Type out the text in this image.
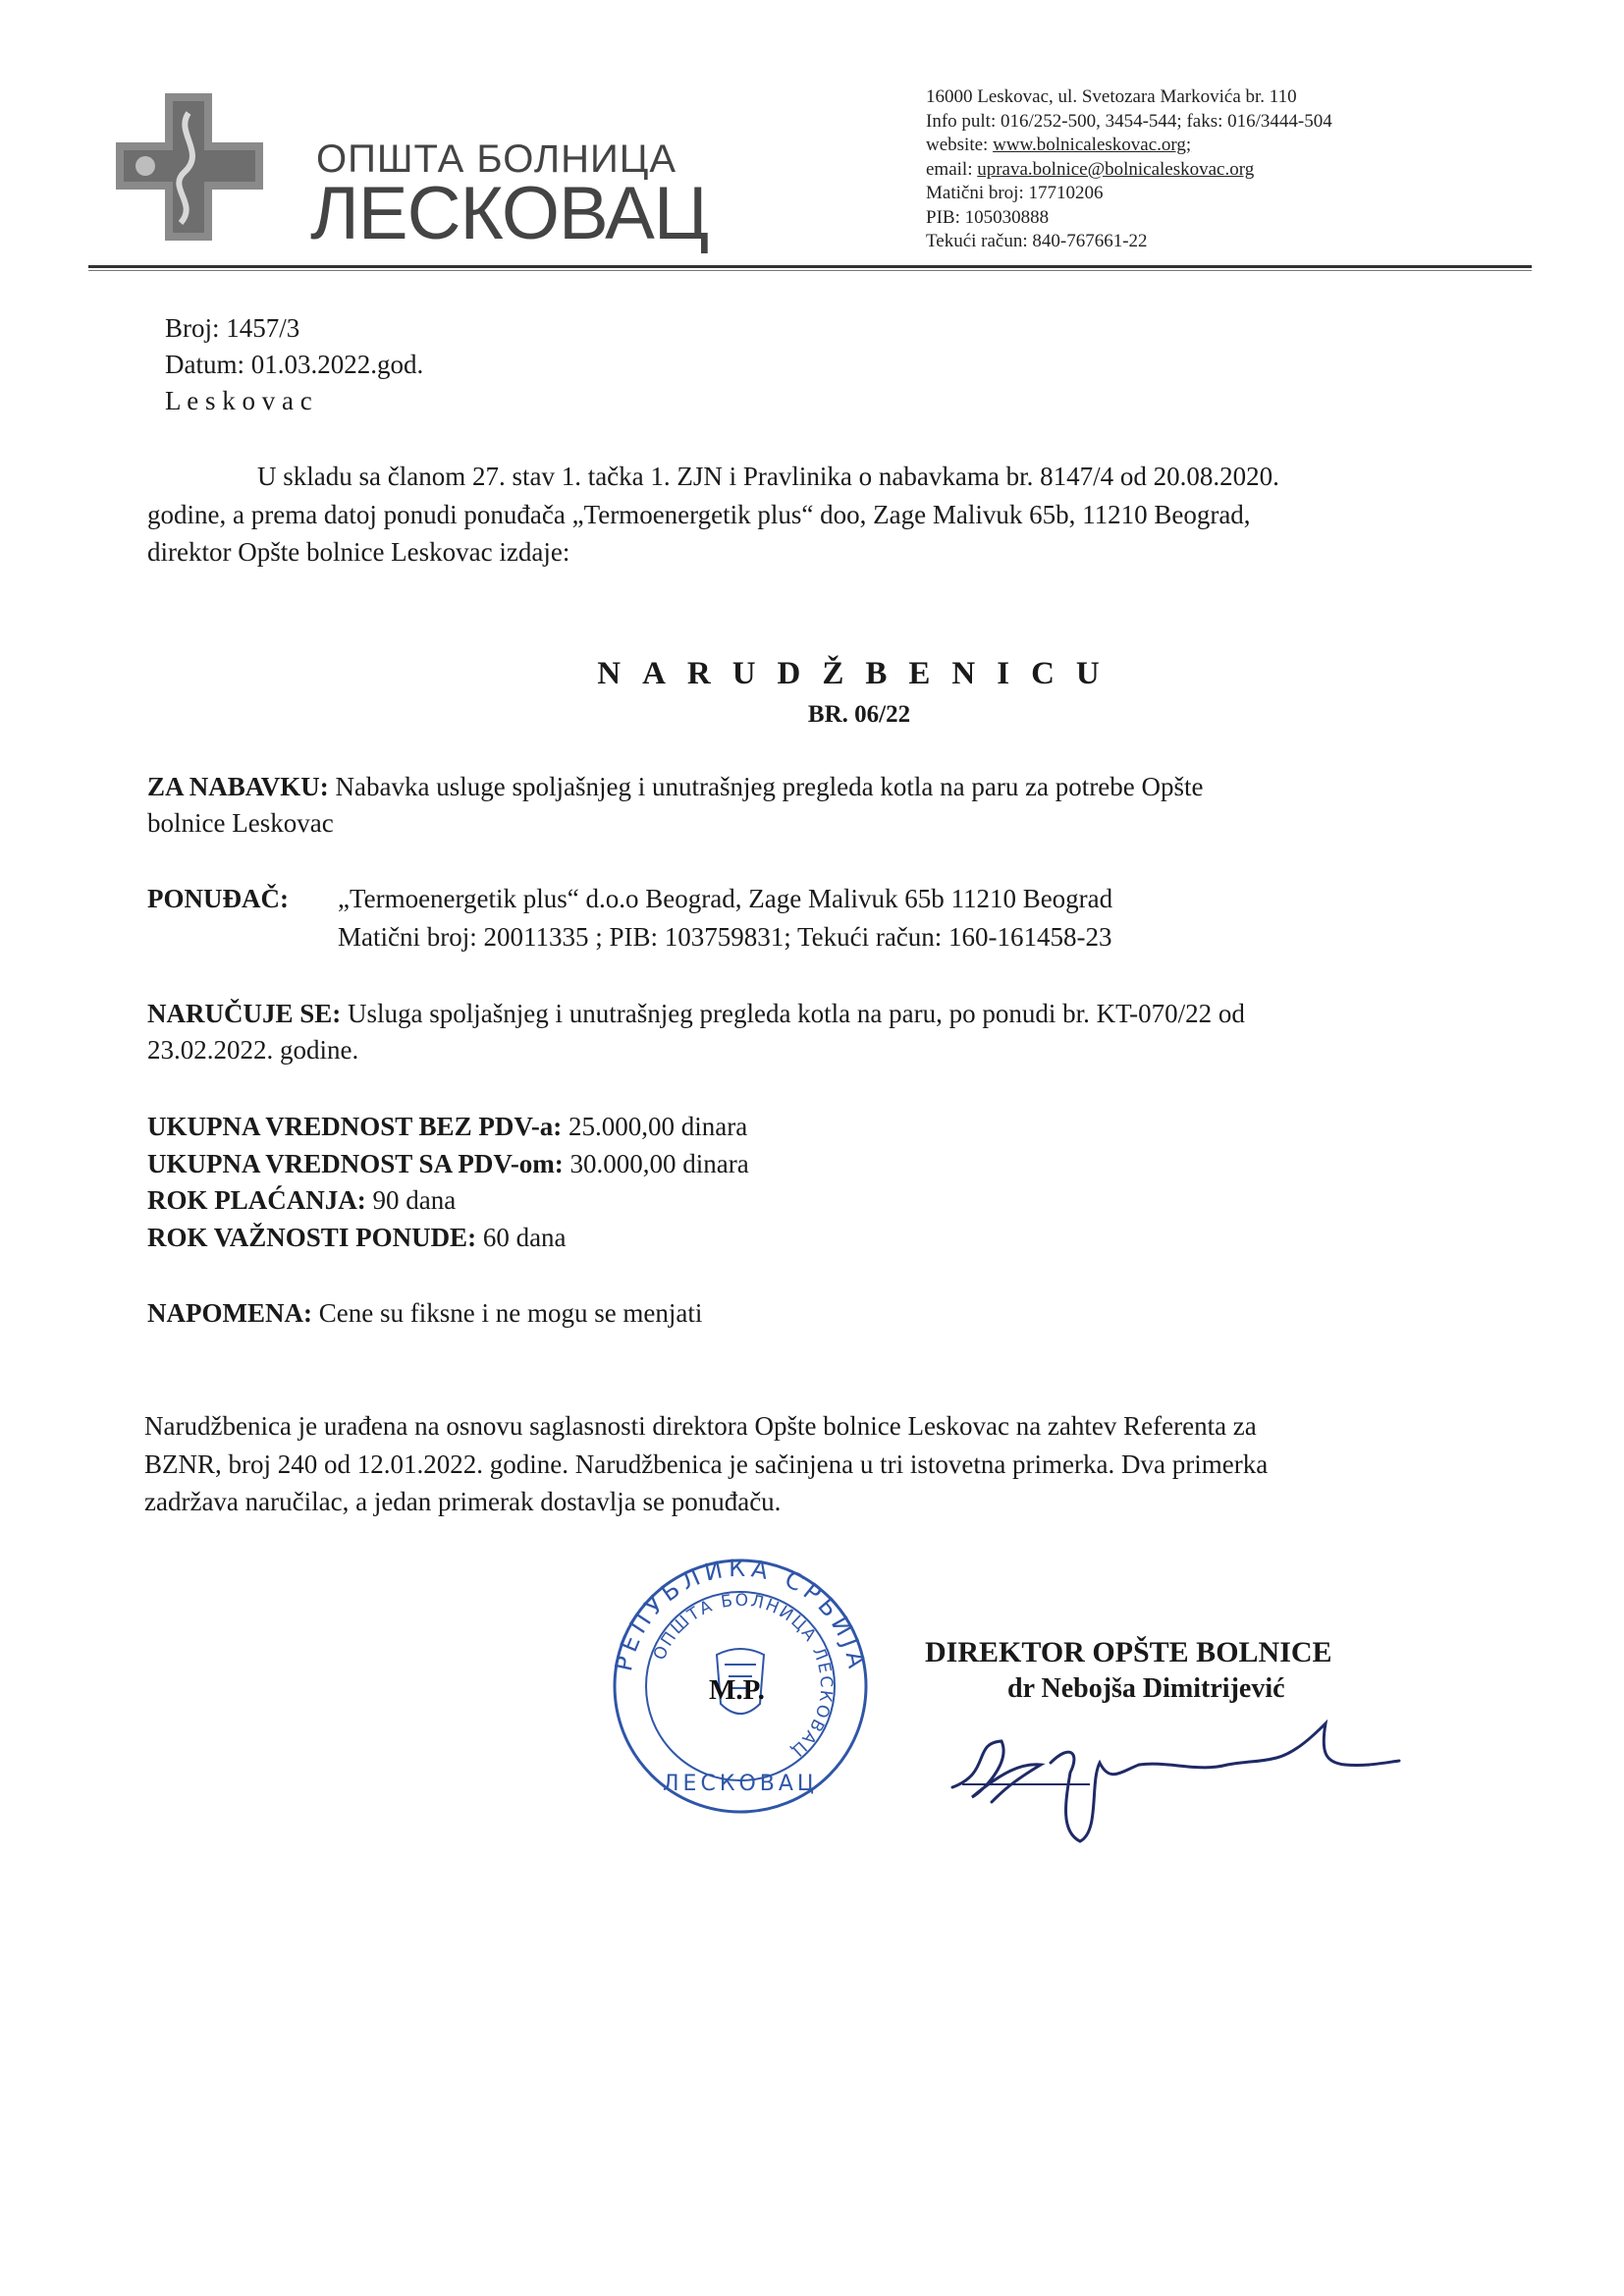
ОПШТА БОЛНИЦА
ЛЕСКОВАЦ
16000 Leskovac, ul. Svetozara Markovića br. 110
Info pult: 016/252-500, 3454-544; faks: 016/3444-504
website: www.bolnicaleskovac.org;
email: uprava.bolnice@bolnicaleskovac.org
Matični broj: 17710206
PIB: 105030888
Tekući račun: 840-767661-22
Broj: 1457/3
Datum: 01.03.2022.god.
L e s k o v a c
U skladu sa članom 27. stav 1. tačka 1. ZJN i Pravlinika o nabavkama br. 8147/4 od 20.08.2020.
godine, a prema datoj ponudi ponuđača „Termoenergetik plus“ doo, Zage Malivuk 65b, 11210 Beograd,
direktor Opšte bolnice Leskovac izdaje:
NARUDŽBENICU
BR. 06/22
ZA NABAVKU: Nabavka usluge spoljašnjeg i unutrašnjeg pregleda kotla na paru za potrebe Opšte
bolnice Leskovac
PONUĐAČ: „Termoenergetik plus“ d.o.o Beograd, Zage Malivuk 65b 11210 Beograd
Matični broj: 20011335 ; PIB: 103759831; Tekući račun: 160-161458-23
NARUČUJE SE: Usluga spoljašnjeg i unutrašnjeg pregleda kotla na paru, po ponudi br. KT-070/22 od
23.02.2022. godine.
UKUPNA VREDNOST BEZ PDV-a: 25.000,00 dinara
UKUPNA VREDNOST SA PDV-om: 30.000,00 dinara
ROK PLAĆANJA: 90 dana
ROK VAŽNOSTI PONUDE: 60 dana
NAPOMENA: Cene su fiksne i ne mogu se menjati
Narudžbenica je urađena na osnovu saglasnosti direktora Opšte bolnice Leskovac na zahtev Referenta za
BZNR, broj 240 od 12.01.2022. godine. Narudžbenica je sačinjena u tri istovetna primerka. Dva primerka
zadržava naručilac, a jedan primerak dostavlja se ponuđaču.
РЕПУБЛИКА СРБИЈА
ОПШТА БОЛНИЦА ЛЕСКОВАЦ
ЛЕСКОВАЦ
M.P.
DIREKTOR OPŠTE BOLNICE
dr Nebojša Dimitrijević
